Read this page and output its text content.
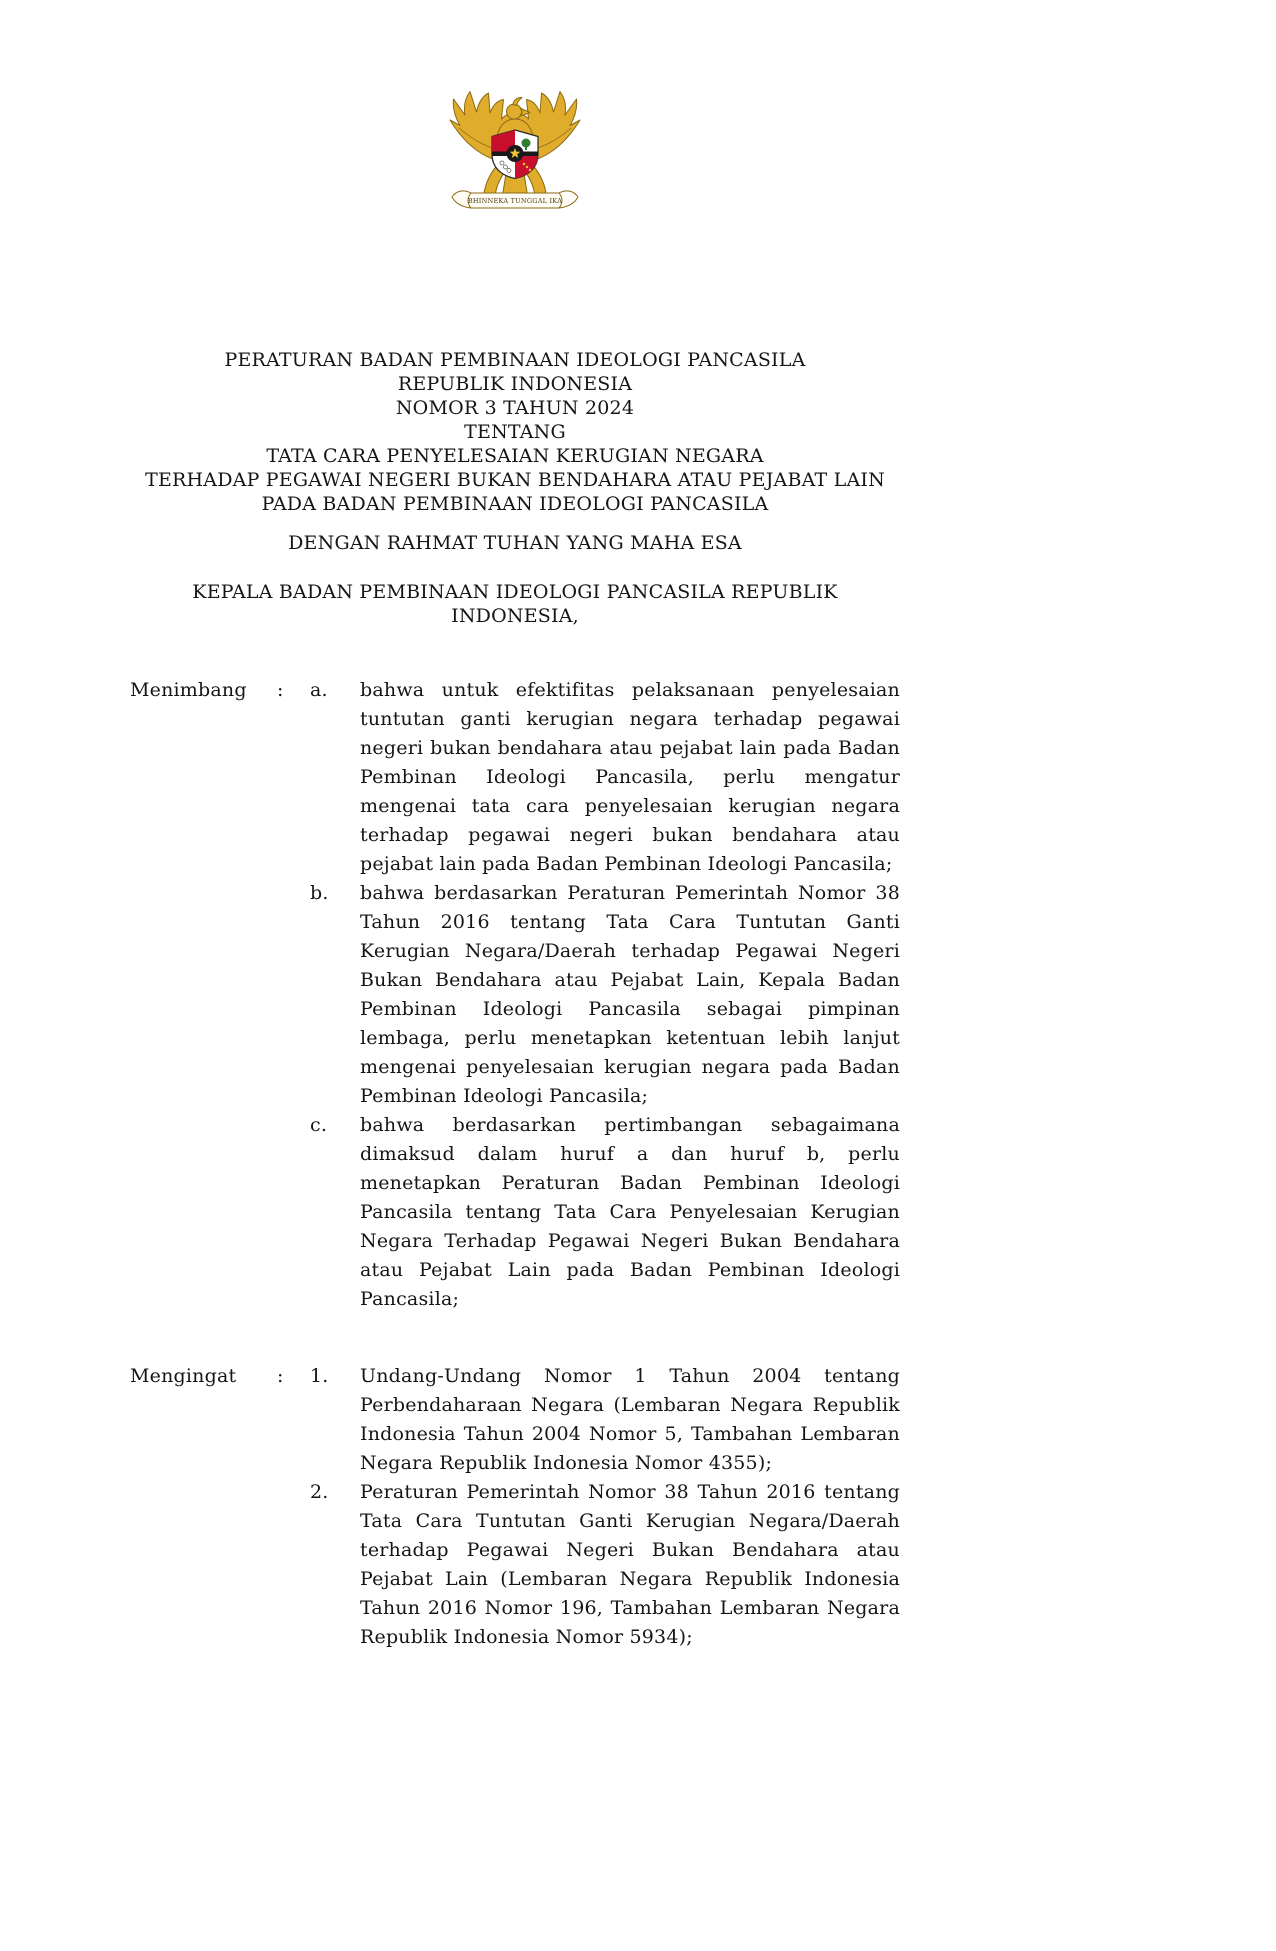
BHINNEKA TUNGGAL IKA
PERATURAN BADAN PEMBINAAN IDEOLOGI PANCASILA
REPUBLIK INDONESIA
NOMOR 3 TAHUN 2024
TENTANG
TATA CARA PENYELESAIAN KERUGIAN NEGARA
TERHADAP PEGAWAI NEGERI BUKAN BENDAHARA ATAU PEJABAT LAIN
PADA BADAN PEMBINAAN IDEOLOGI PANCASILA

DENGAN RAHMAT TUHAN YANG MAHA ESA

KEPALA BADAN PEMBINAAN IDEOLOGI PANCASILA REPUBLIK INDONESIA,

Menimbang	:	a.	bahwa untuk efektifitas pelaksanaan penyelesaian tuntutan ganti kerugian negara terhadap pegawai negeri bukan bendahara atau pejabat lain pada Badan Pembinan Ideologi Pancasila, perlu mengatur mengenai tata cara penyelesaian kerugian negara terhadap pegawai negeri bukan bendahara atau pejabat lain pada Badan Pembinan Ideologi Pancasila;
b.	bahwa berdasarkan Peraturan Pemerintah Nomor 38 Tahun 2016 tentang Tata Cara Tuntutan Ganti Kerugian Negara/Daerah terhadap Pegawai Negeri Bukan Bendahara atau Pejabat Lain, Kepala Badan Pembinan Ideologi Pancasila sebagai pimpinan lembaga, perlu menetapkan ketentuan lebih lanjut mengenai penyelesaian kerugian negara pada Badan Pembinan Ideologi Pancasila;
c.	bahwa berdasarkan pertimbangan sebagaimana dimaksud dalam huruf a dan huruf b, perlu menetapkan Peraturan Badan Pembinan Ideologi Pancasila tentang Tata Cara Penyelesaian Kerugian Negara Terhadap Pegawai Negeri Bukan Bendahara atau Pejabat Lain pada Badan Pembinan Ideologi Pancasila;
Mengingat	:	1.	Undang-Undang Nomor 1 Tahun 2004 tentang Perbendaharaan Negara (Lembaran Negara Republik Indonesia Tahun 2004 Nomor 5, Tambahan Lembaran Negara Republik Indonesia Nomor 4355);
2.	Peraturan Pemerintah Nomor 38 Tahun 2016 tentang Tata Cara Tuntutan Ganti Kerugian Negara/Daerah terhadap Pegawai Negeri Bukan Bendahara atau Pejabat Lain (Lembaran Negara Republik Indonesia Tahun 2016 Nomor 196, Tambahan Lembaran Negara Republik Indonesia Nomor 5934);
